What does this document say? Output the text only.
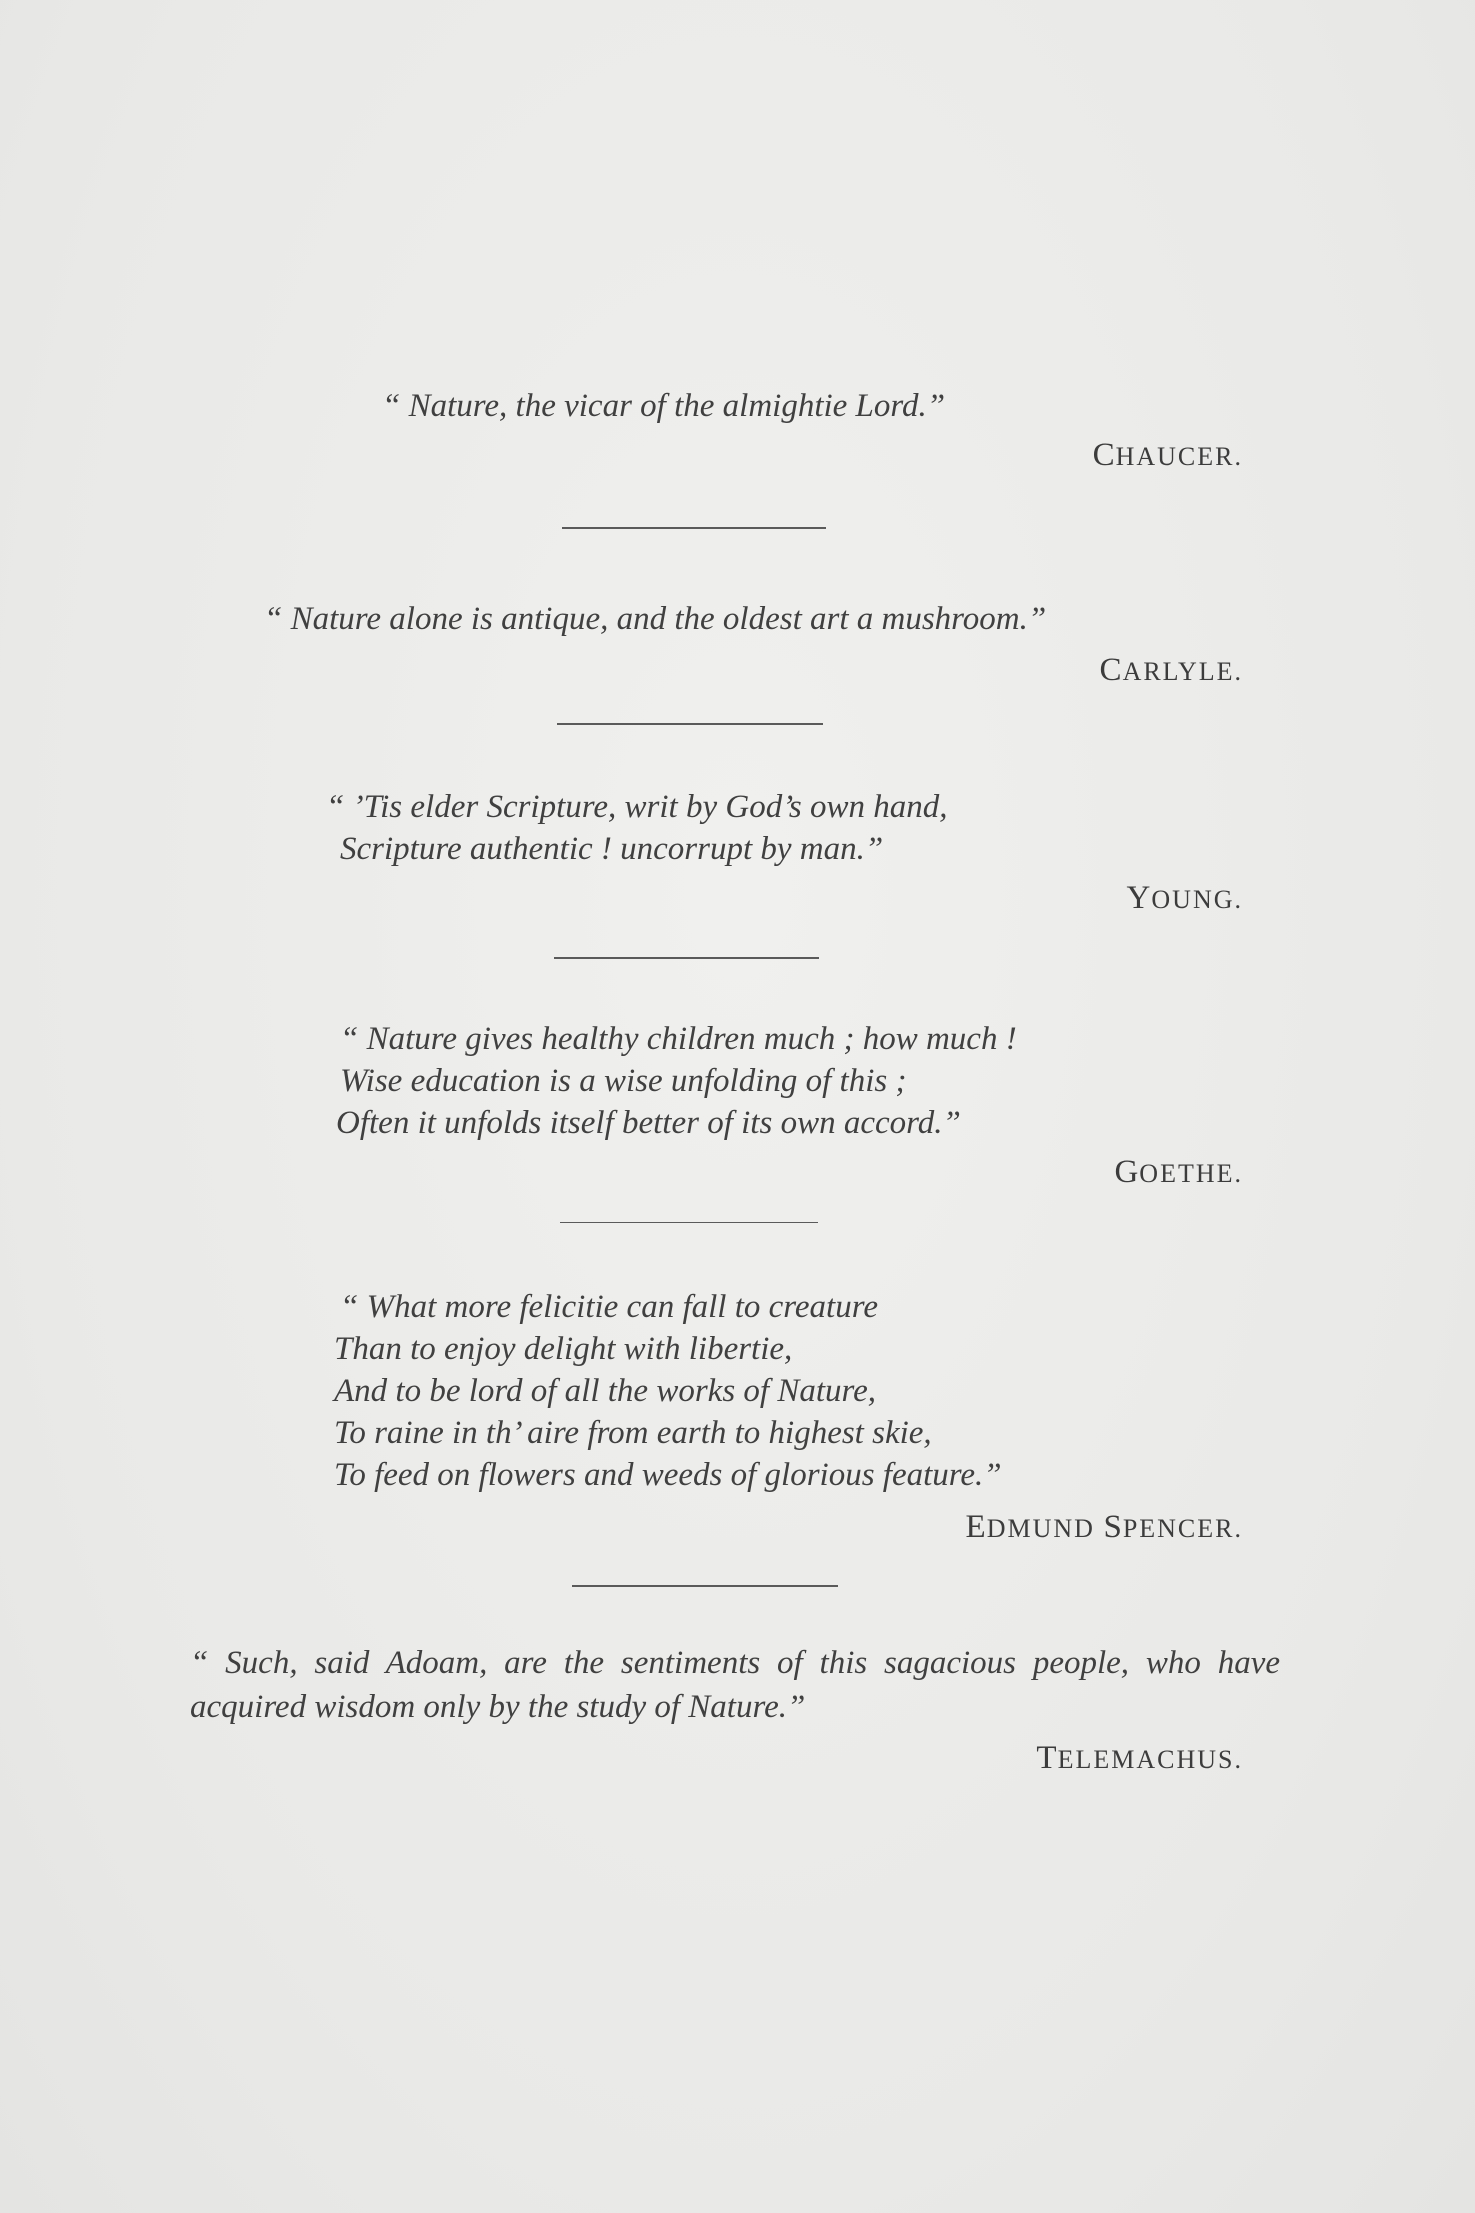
“ Nature, the vicar of the almightie Lord.”
CHAUCER.
“ Nature alone is antique, and the oldest art a mushroom.”
CARLYLE.
“ ’Tis elder Scripture, writ by God’s own hand,
Scripture authentic ! uncorrupt by man.”
YOUNG.
“ Nature gives healthy children much ; how much !
Wise education is a wise unfolding of this ;
Often it unfolds itself better of its own accord.”
GOETHE.
“ What more felicitie can fall to creature
Than to enjoy delight with libertie,
And to be lord of all the works of Nature,
To raine in th’ aire from earth to highest skie,
To feed on flowers and weeds of glorious feature.”
EDMUND SPENCER.
“ Such, said Adoam, are the sentiments of this sagacious people, who have acquired wisdom only by the study of Nature.”
TELEMACHUS.
